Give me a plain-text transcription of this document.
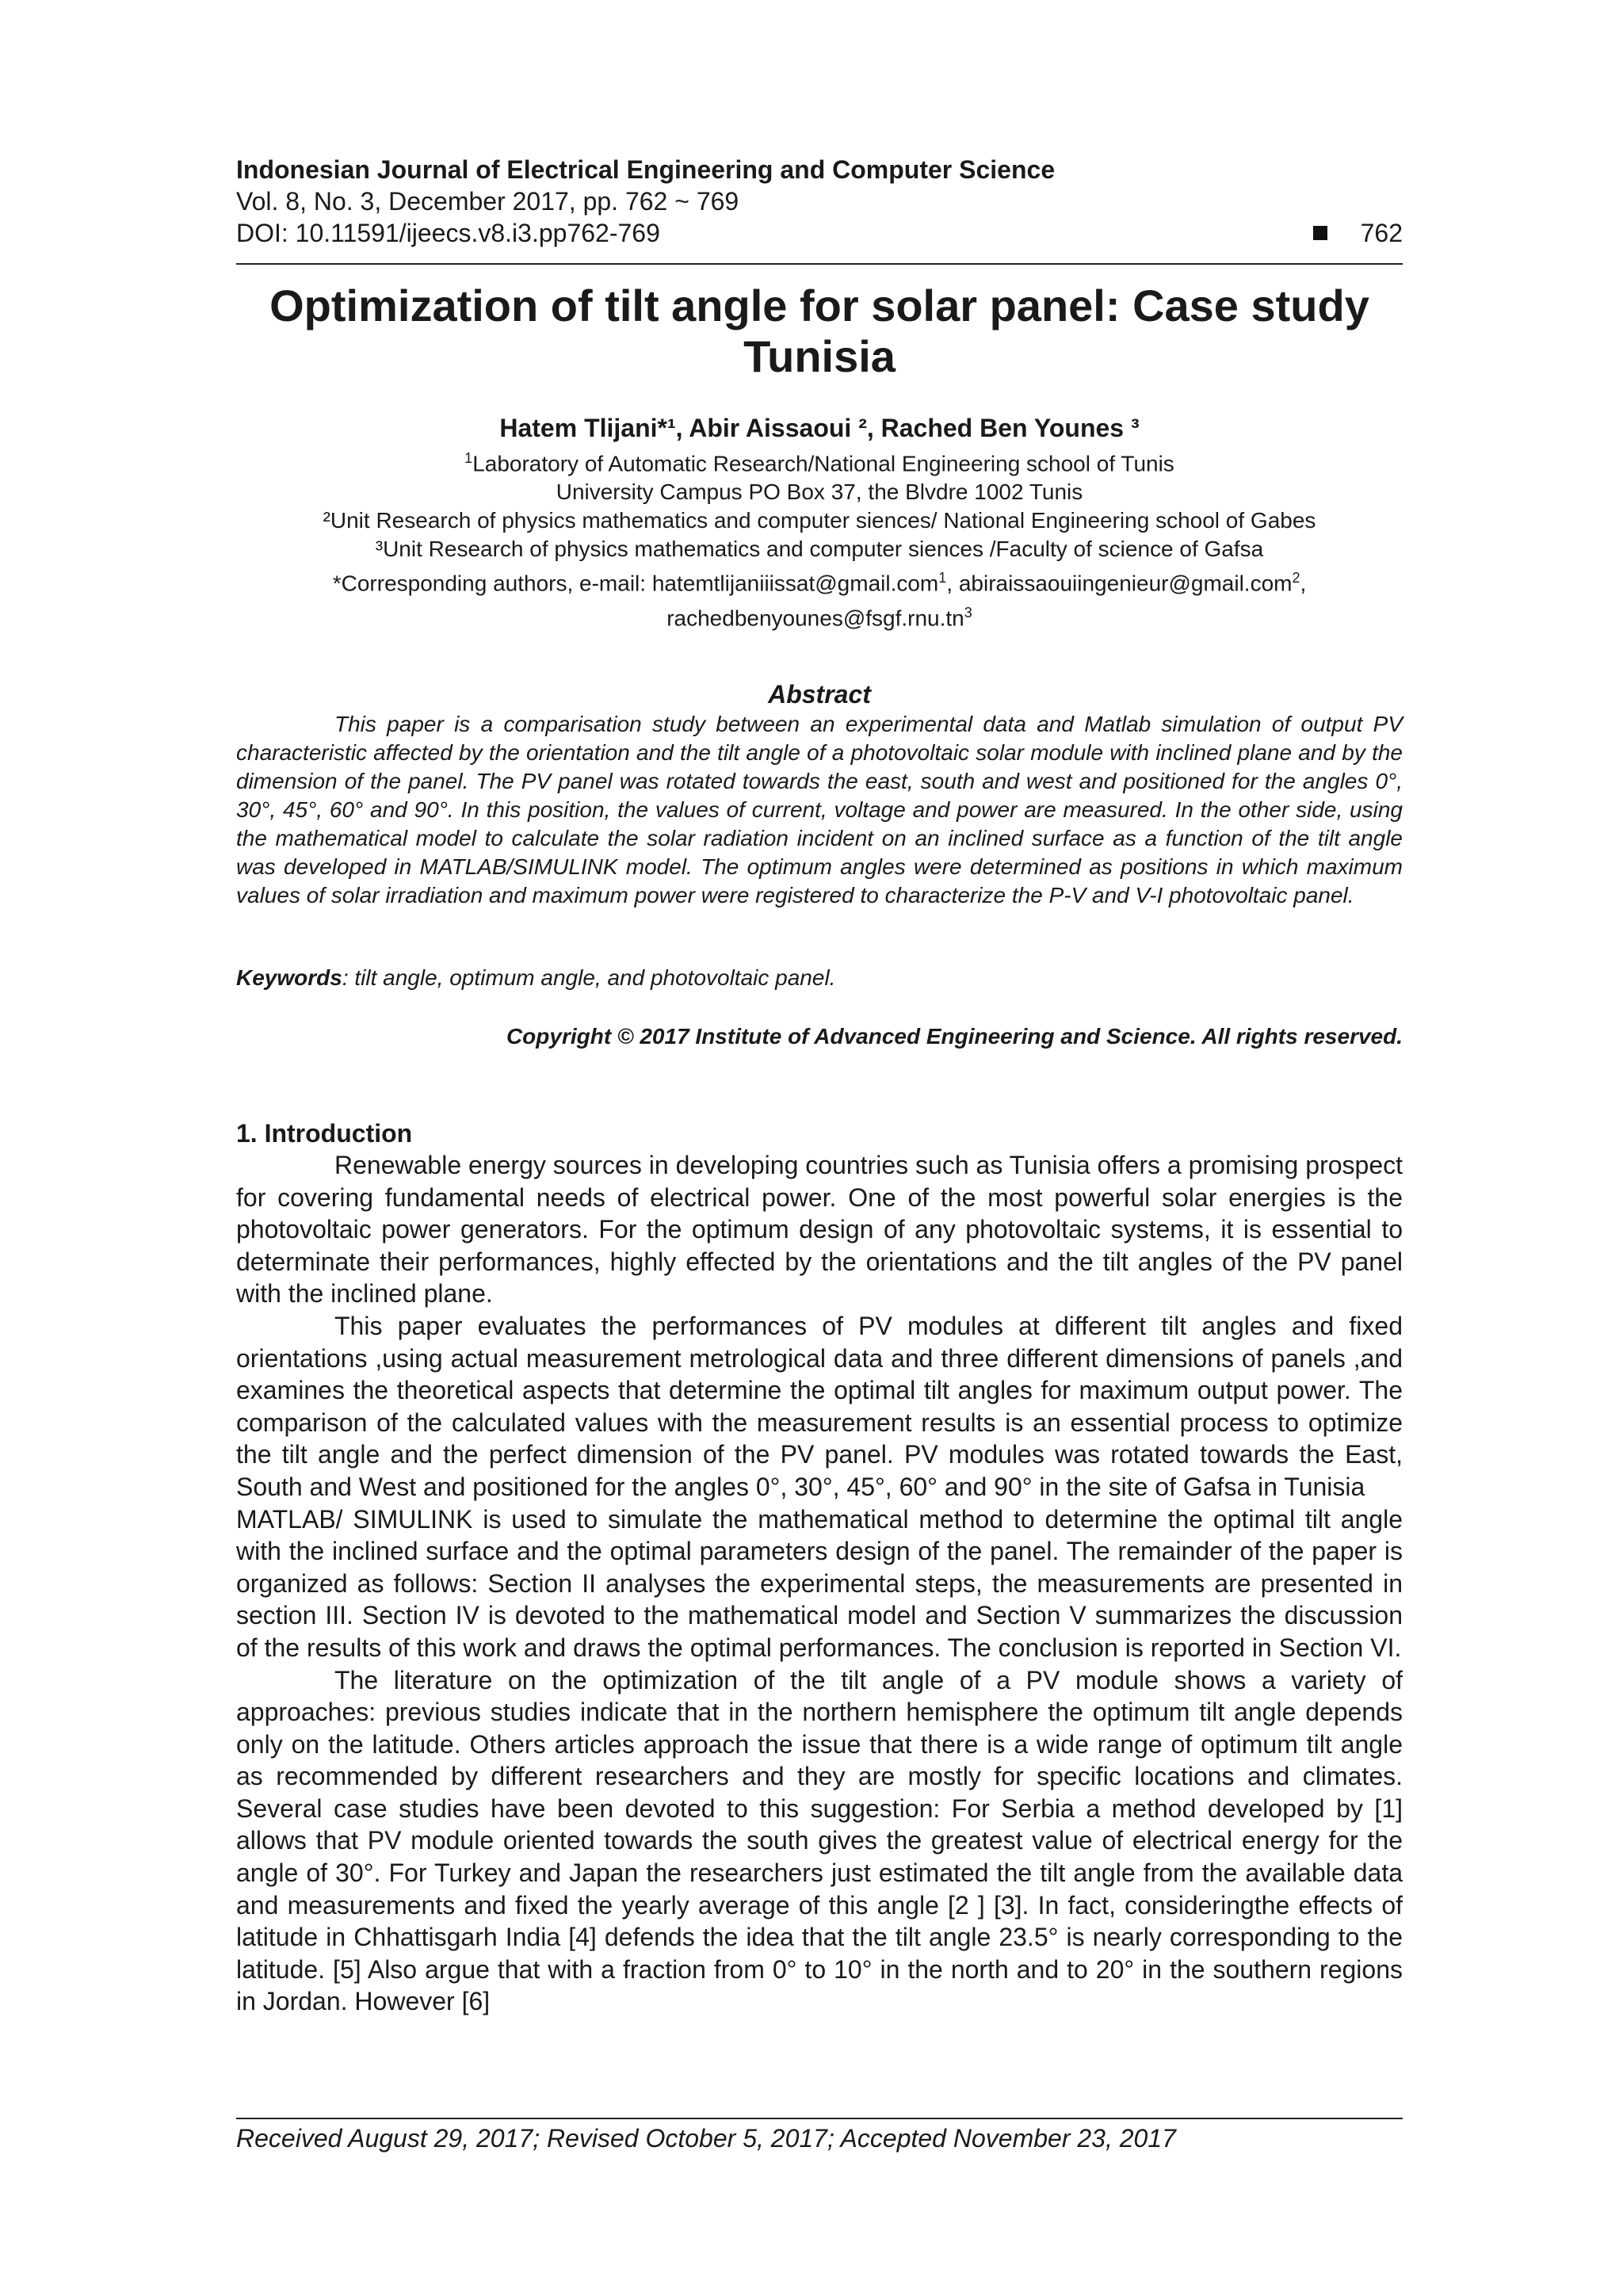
Indonesian Journal of Electrical Engineering and Computer Science

Vol. 8, No. 3, December 2017, pp. 762 ~ 769

DOI: 10.11591/ijeecs.v8.i3.pp762-769	762
Optimization of tilt angle for solar panel: Case study Tunisia

Hatem Tlijani*¹, Abir Aissaoui ², Rached Ben Younes ³

$^1$Laboratory of Automatic Research/National Engineering school of Tunis

University Campus PO Box 37, the Blvdre 1002 Tunis

²Unit Research of physics mathematics and computer siences/ National Engineering school of Gabes

³Unit Research of physics mathematics and computer siences /Faculty of science of Gafsa

*Corresponding authors, e-mail: hatemtlijaniiissat@gmail.com$^1$, abiraissaouiingenieur@gmail.com$^2$,

$rachedbenyounes@fsgf.rnu.tn^3$

Abstract

This paper is a comparisation study between an experimental data and Matlab simulation of output PV characteristic affected by the orientation and the tilt angle of a photovoltaic solar module with inclined plane and by the dimension of the panel. The PV panel was rotated towards the east, south and west and positioned for the angles 0°, 30°, 45°, 60° and 90°. In this position, the values of current, voltage and power are measured. In the other side, using the mathematical model to calculate the solar radiation incident on an inclined surface as a function of the tilt angle was developed in MATLAB/SIMULINK model. The optimum angles were determined as positions in which maximum values of solar irradiation and maximum power were registered to characterize the P-V and V-I photovoltaic panel.

Keywords: tilt angle, optimum angle, and photovoltaic panel.

Copyright © 2017 Institute of Advanced Engineering and Science. All rights reserved.

1. Introduction

Renewable energy sources in developing countries such as Tunisia offers a promising prospect for covering fundamental needs of electrical power. One of the most powerful solar energies is the photovoltaic power generators. For the optimum design of any photovoltaic systems, it is essential to determinate their performances, highly effected by the orientations and the tilt angles of the PV panel with the inclined plane.

This paper evaluates the performances of PV modules at different tilt angles and fixed orientations ,using actual measurement metrological data and three different dimensions of panels ,and examines the theoretical aspects that determine the optimal tilt angles for maximum output power. The comparison of the calculated values with the measurement results is an essential process to optimize the tilt angle and the perfect dimension of the PV panel. PV modules was rotated towards the East, South and West and positioned for the angles 0°, 30°, 45°, 60° and 90° in the site of Gafsa in Tunisia

MATLAB/ SIMULINK is used to simulate the mathematical method to determine the optimal tilt angle with the inclined surface and the optimal parameters design of the panel. The remainder of the paper is organized as follows: Section II analyses the experimental steps, the measurements are presented in section III. Section IV is devoted to the mathematical model and Section V summarizes the discussion of the results of this work and draws the optimal performances. The conclusion is reported in Section VI.

The literature on the optimization of the tilt angle of a PV module shows a variety of approaches: previous studies indicate that in the northern hemisphere the optimum tilt angle depends only on the latitude. Others articles approach the issue that there is a wide range of optimum tilt angle as recommended by different researchers and they are mostly for specific locations and climates. Several case studies have been devoted to this suggestion: For Serbia a method developed by [1] allows that PV module oriented towards the south gives the greatest value of electrical energy for the angle of 30°. For Turkey and Japan the researchers just estimated the tilt angle from the available data and measurements and fixed the yearly average of this angle [2 ] [3]. In fact, consideringthe effects of latitude in Chhattisgarh India [4] defends the idea that the tilt angle 23.5° is nearly corresponding to the latitude. [5] Also argue that with a fraction from 0° to 10° in the north and to 20° in the southern regions in Jordan. However [6]

Received August 29, 2017; Revised October 5, 2017; Accepted November 23, 2017
